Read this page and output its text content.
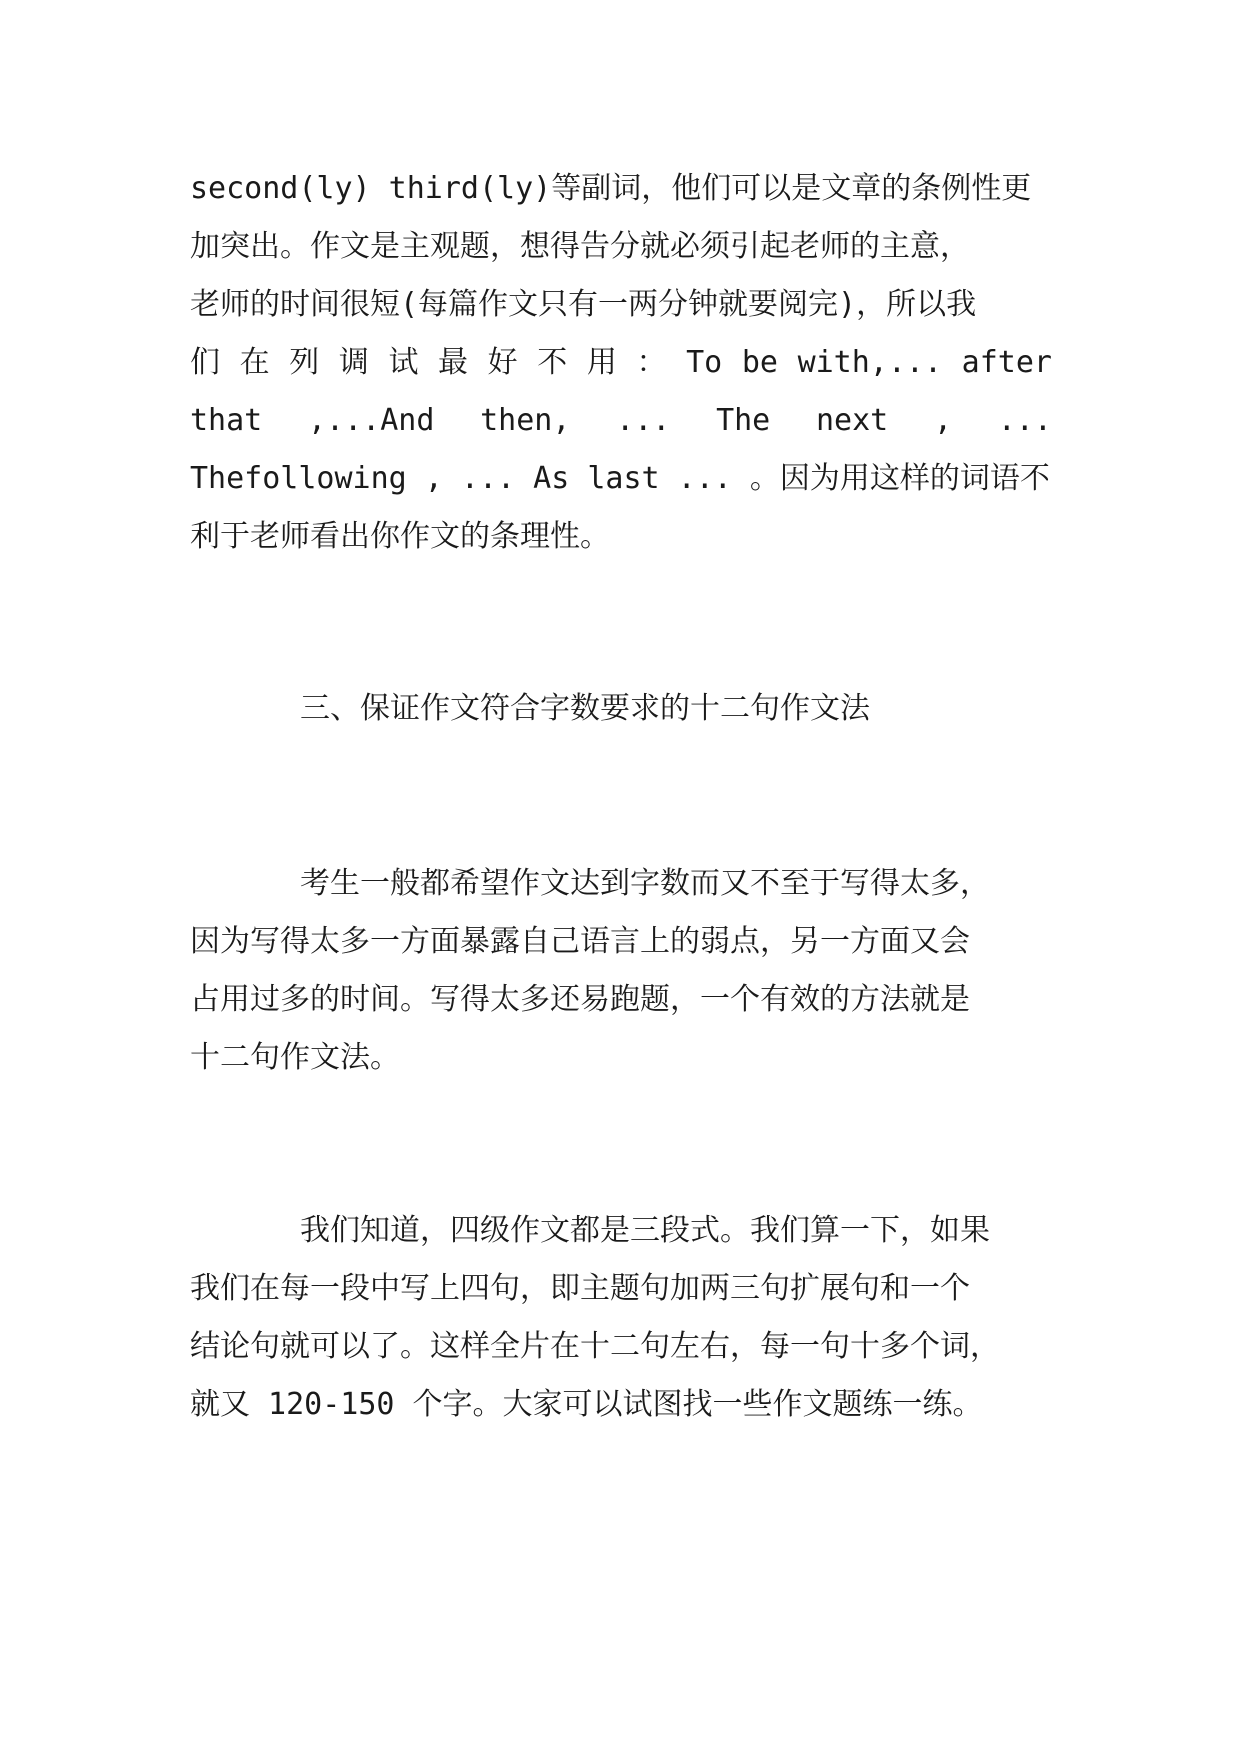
second(ly) third(ly)等副词，他们可以是文章的条例性更
加突出。作文是主观题，想得告分就必须引起老师的主意，
老师的时间很短(每篇作文只有一两分钟就要阅完)，所以我
们 在 列 调 试 最 好 不 用 ： To be with,... after
that ,...And then, ... The next , ...
Thefollowing , ... As last ... 。因为用这样的词语不
利于老师看出你作文的条理性。
三、保证作文符合字数要求的十二句作文法
考生一般都希望作文达到字数而又不至于写得太多，
因为写得太多一方面暴露自己语言上的弱点，另一方面又会
占用过多的时间。写得太多还易跑题，一个有效的方法就是
十二句作文法。
我们知道，四级作文都是三段式。我们算一下，如果
我们在每一段中写上四句，即主题句加两三句扩展句和一个
结论句就可以了。这样全片在十二句左右，每一句十多个词，
就又 120-150 个字。大家可以试图找一些作文题练一练。
